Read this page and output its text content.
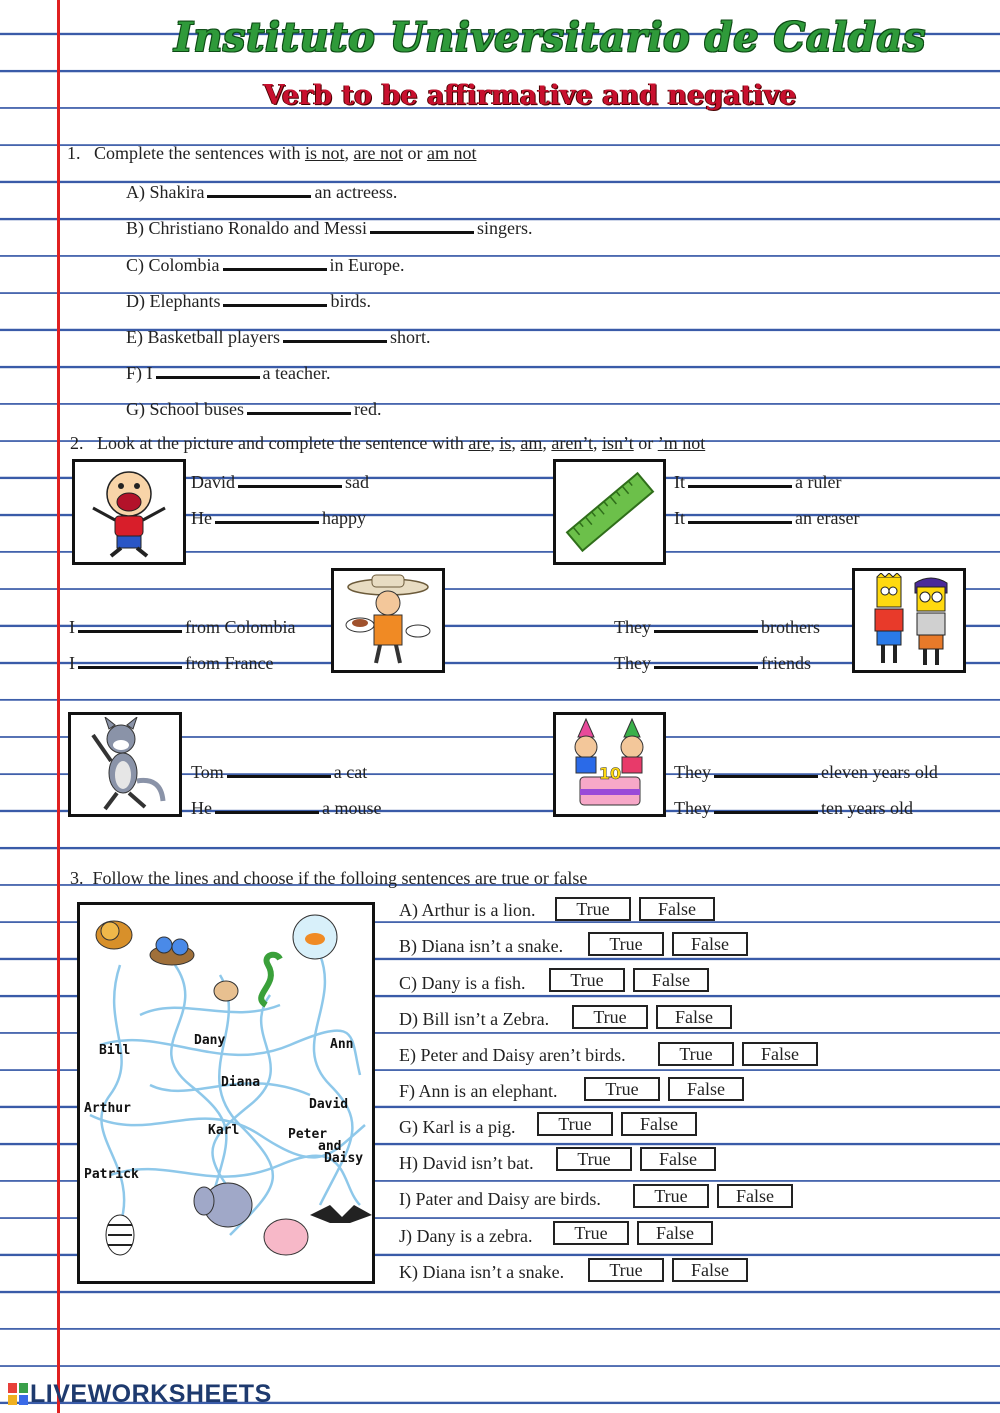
Instituto Universitario de Caldas
Verb to be affirmative and negative
1. Complete the sentences with is not, are not or am not
A) Shakira	an actreess.
B) Christiano Ronaldo and Messi	singers.
C) Colombia	in Europe.
D) Elephants	birds.
E) Basketball players	short.
F) I	a teacher.
G) School buses	red.
2. Look at the picture and complete the sentence with are, is, am, aren’t, isn’t or ’m not
David	sad
He	happy
It	a ruler
It	an eraser
I	from Colombia
I	from France
They	brothers
They	friends
Tom	a cat
He	a mouse
10	They	eleven years old
They	ten years old
3. Follow the lines and choose if the folloing sentences are true or false
Bill
Dany	Ann
Diana
Arthur	David
Karl	Peter
and
Daisy
Patrick
A) Arthur is a lion.	True	False
B) Diana isn’t a snake.	True	False
C) Dany is a fish.	True	False
D) Bill isn’t a Zebra.	True	False
E) Peter and Daisy aren’t birds.	True	False
F) Ann is an elephant.	True	False
G) Karl is a pig.	True	False
H) David isn’t bat.	True	False
I) Pater and Daisy are birds.	True	False
J) Dany is a zebra.	True	False
K) Diana isn’t a snake.	True	False
LIVEWORKSHEETS
